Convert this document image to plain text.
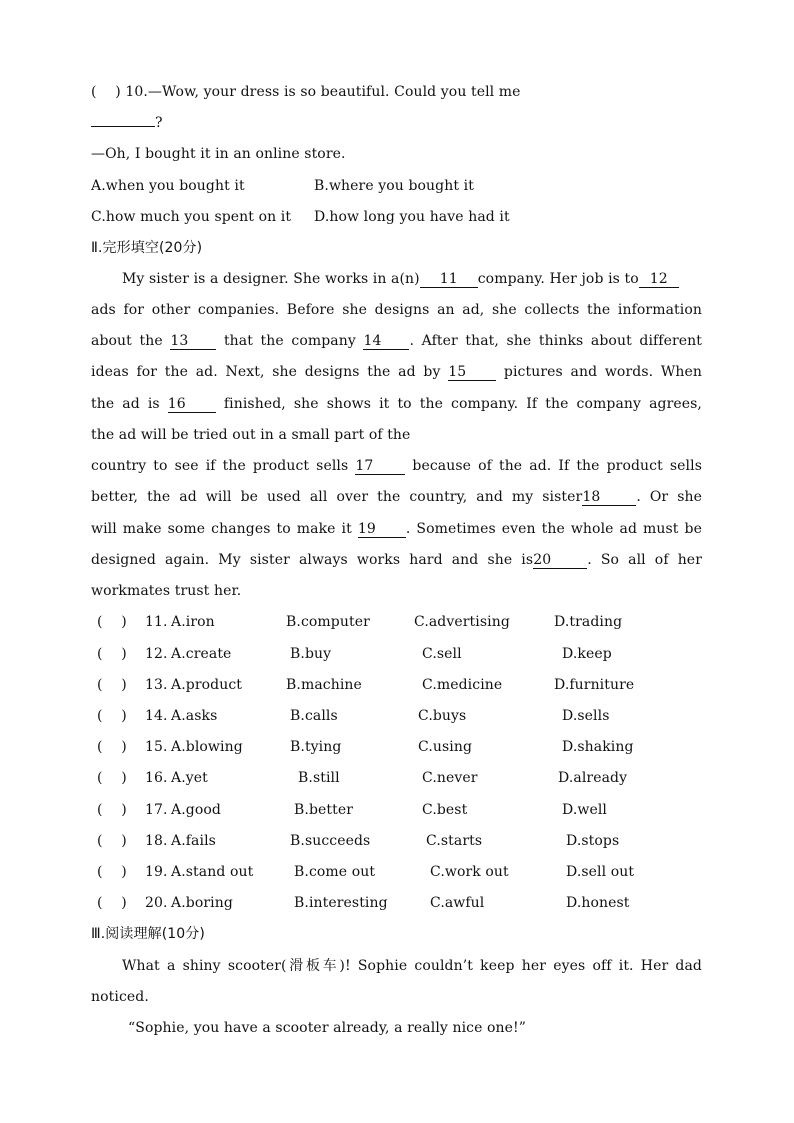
(　 ) 10.—Wow, your dress is so beautiful. Could you tell me
?
—Oh, I bought it in an online store.
A.when you bought it	B.where you bought it
C.how much you spent on it D.how long you have had it
Ⅱ.完形填空(20分)
My sister is a designer. She works in a(n) 11 company. Her job is to 12
ads for other companies. Before she designs an ad, she collects the information
about the 13	that the company 14 . After that, she thinks about different
ideas for the ad. Next, she designs the ad by 15	pictures and words. When
the ad is 16	finished, she shows it to the company. If the company agrees,
the ad will be tried out in a small part of the
country to see if the product sells 17	because of the ad. If the product sells
better, the ad will be used all over the country, and my sister18	. Or she
will make some changes to make it 19 . Sometimes even the whole ad must be
designed again. My sister always works hard and she is20	. So all of her
workmates trust her.
(　 ) 11. A.iron	B.computer	C.advertising	D.trading
(　 ) 12. A.create	B.buy	C.sell	D.keep
(　 ) 13. A.product	B.machine	C.medicine	D.furniture
(　 ) 14. A.asks	B.calls	C.buys	D.sells
(　 ) 15. A.blowing	B.tying	C.using	D.shaking
(　 ) 16. A.yet	B.still	C.never	D.already
(　 ) 17. A.good	B.better	C.best	D.well
(　 ) 18. A.fails	B.succeeds	C.starts	D.stops
(　 ) 19. A.stand out	B.come out	C.work out	D.sell out
(　 ) 20. A.boring	B.interesting	C.awful	D.honest
Ⅲ.阅读理解(10分)
What a shiny scooter(滑板车)! Sophie couldn’t keep her eyes off it. Her dad
noticed.
“Sophie, you have a scooter already, a really nice one!”
